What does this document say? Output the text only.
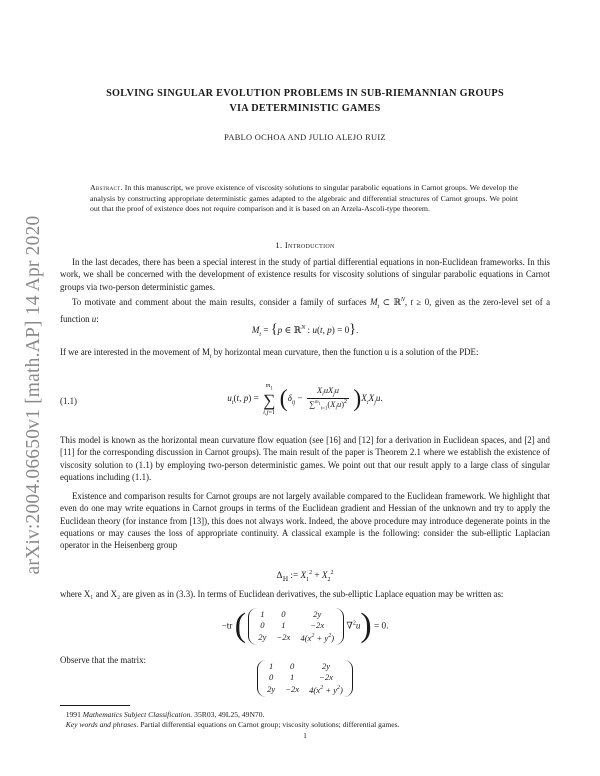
arXiv:2004.06650v1 [math.AP] 14 Apr 2020
SOLVING SINGULAR EVOLUTION PROBLEMS IN SUB-RIEMANNIAN GROUPS
VIA DETERMINISTIC GAMES
PABLO OCHOA AND JULIO ALEJO RUIZ
Abstract. In this manuscript, we prove existence of viscosity solutions to singular parabolic equations in Carnot groups. We develop the analysis by constructing appropriate deterministic games adapted to the algebraic and differential structures of Carnot groups. We point out that the proof of existence does not require comparison and it is based on an Arzela-Ascoli-type theorem.
1. Introduction
In the last decades, there has been a special interest in the study of partial differential equations in non-Euclidean frameworks. In this work, we shall be concerned with the development of existence results for viscosity solutions of singular parabolic equations in Carnot groups via two-person deterministic games.
To motivate and comment about the main results, consider a family of surfaces $M_t$ ⊂ ℝ$^N$, t ≥ 0, given as the zero-level set of a function u:
$M_t = \{p$ ∈ ℝ$^N$ : u(t, p) = 0}.
If we are interested in the movement of $M_t$ by horizontal mean curvature, then the function u is a solution of the PDE:
(1.1)	$u_t(t$, p) =
$m_1$
∑
i,j=1
$(\delta_{ij} - \frac{X_iuX_ju}{\sum^{m_1}_{i=1}(X_iu)^2} )X_iX_ju$.
This model is known as the horizontal mean curvature flow equation (see [16] and [12] for a derivation in Euclidean spaces, and [2] and [11] for the corresponding discussion in Carnot groups). The main result of the paper is Theorem 2.1 where we establish the existence of viscosity solution to (1.1) by employing two-person deterministic games. We point out that our result apply to a large class of singular equations including (1.1).
Existence and comparison results for Carnot groups are not largely available compared to the Euclidean framework. We highlight that even do one may write equations in Carnot groups in terms of the Euclidean gradient and Hessian of the unknown and try to apply the Euclidean theory (for instance from [13]), this does not always work. Indeed, the above procedure may introduce degenerate points in the equations or may causes the loss of appropriate continuity. A classical example is the following: consider the sub-elliptic Laplacian operator in the Heisenberg group
$\Delta_ℍ$ := $X_1^2 + X_2^2$
where X₁ and X₂ are given as in (3.3). In terms of Euclidean derivatives, the sub-elliptic Laplace equation may be written as:
−tr ( 1	0	2y
0	1	−2x
2y	−2x	$4(x^2 + y^2)$
∇$^2$u) = 0.
Observe that the matrix:
1	0	2y
0	1	−2x
2y	−2x	$4(x^2 + y^2)$
1991 Mathematics Subject Classification. 35R03, 49L25, 49N70.
Key words and phrases. Partial differential equations on Carnot group; viscosity solutions; differential games.
1
